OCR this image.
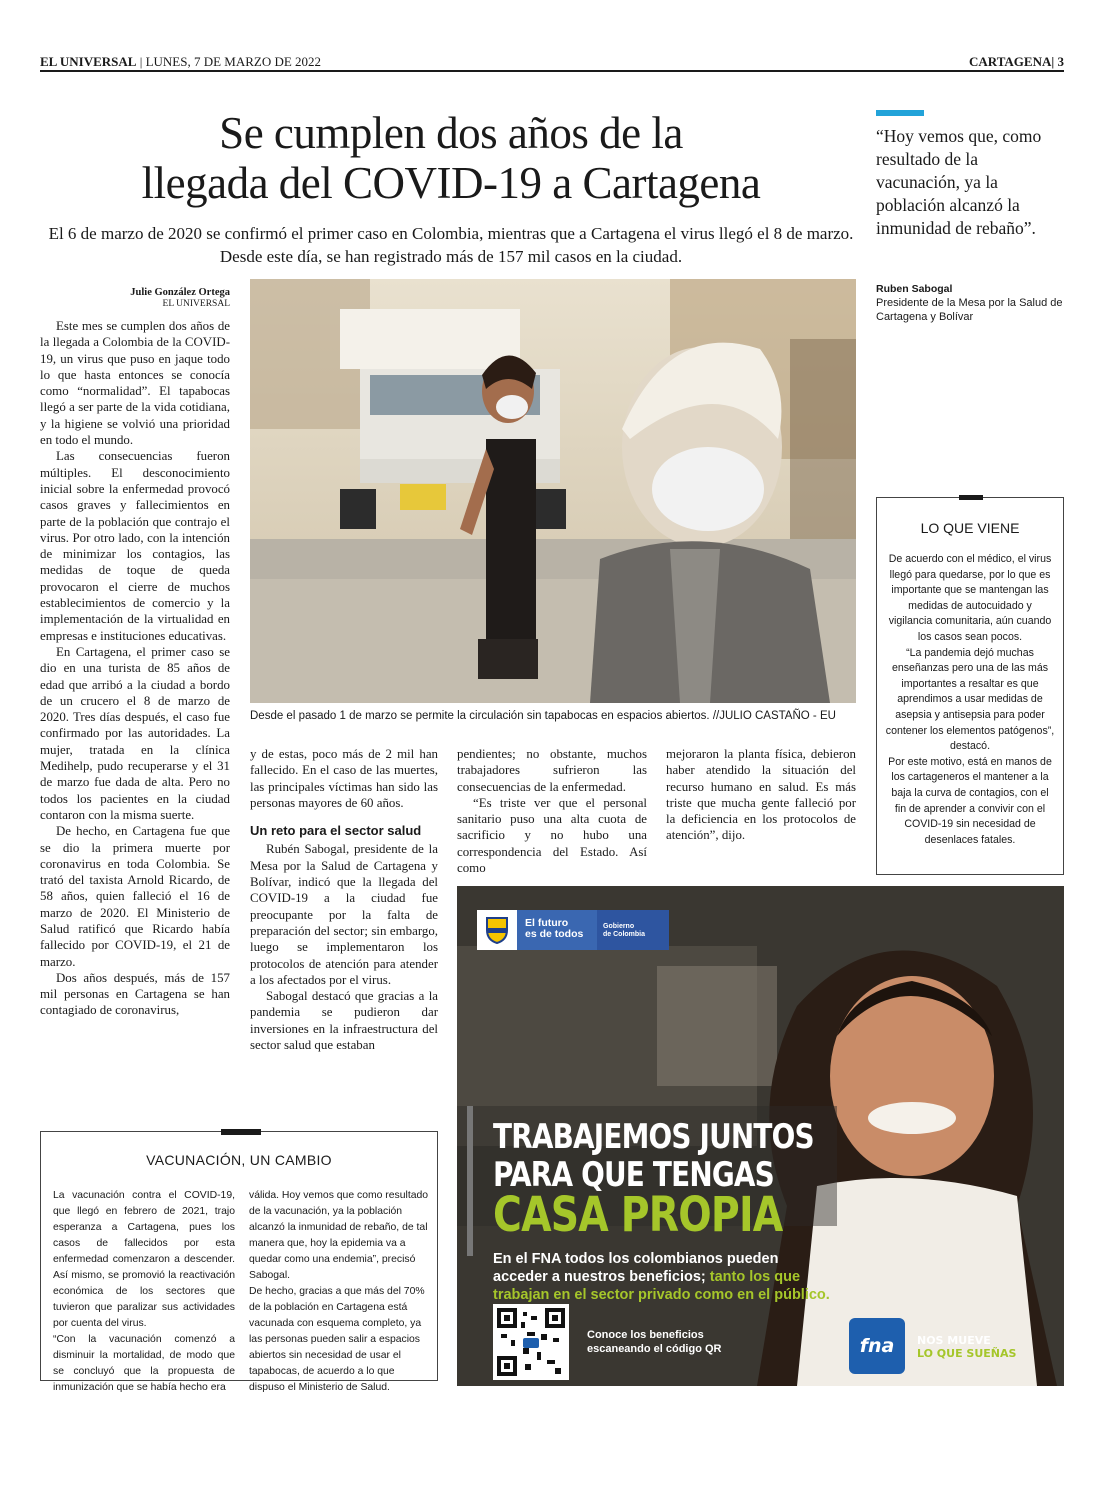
EL UNIVERSAL | LUNES, 7 DE MARZO DE 2022	CARTAGENA| 3
Se cumplen dos años de la
llegada del COVID-19 a Cartagena
El 6 de marzo de 2020 se confirmó el primer caso en Colombia, mientras que a Cartagena el virus llegó el 8 de marzo. Desde este día, se han registrado más de 157 mil casos en la ciudad.
“Hoy vemos que, como resultado de la vacunación, ya la población alcanzó la inmunidad de rebaño”.
Ruben Sabogal
Presidente de la Mesa por la Salud de Cartagena y Bolívar
Julie González Ortega
EL UNIVERSAL

Este mes se cumplen dos años de la llegada a Colombia de la COVID-19, un virus que puso en jaque todo lo que hasta entonces se conocía como “normalidad”. El tapabocas llegó a ser parte de la vida cotidiana, y la higiene se volvió una prioridad en todo el mundo.

Las consecuencias fueron múltiples. El desconocimiento inicial sobre la enfermedad provocó casos graves y fallecimientos en parte de la población que contrajo el virus. Por otro lado, con la intención de minimizar los contagios, las medidas de toque de queda provocaron el cierre de muchos establecimientos de comercio y la implementación de la virtualidad en empresas e instituciones educativas.

En Cartagena, el primer caso se dio en una turista de 85 años de edad que arribó a la ciudad a bordo de un crucero el 8 de marzo de 2020. Tres días después, el caso fue confirmado por las autoridades. La mujer, tratada en la clínica Medihelp, pudo recuperarse y el 31 de marzo fue dada de alta. Pero no todos los pacientes en la ciudad contaron con la misma suerte.

De hecho, en Cartagena fue que se dio la primera muerte por coronavirus en toda Colombia. Se trató del taxista Arnold Ricardo, de 58 años, quien falleció el 16 de marzo de 2020. El Ministerio de Salud ratificó que Ricardo había fallecido por COVID-19, el 21 de marzo.

Dos años después, más de 157 mil personas en Cartagena se han contagiado de coronavirus,

Desde el pasado 1 de marzo se permite la circulación sin tapabocas en espacios abiertos. //JULIO CASTAÑO - EU

y de estas, poco más de 2 mil han fallecido. En el caso de las muertes, las principales víctimas han sido las personas mayores de 60 años.

Un reto para el sector salud

Rubén Sabogal, presidente de la Mesa por la Salud de Cartagena y Bolívar, indicó que la llegada del COVID-19 a la ciudad fue preocupante por la falta de preparación del sector; sin embargo, luego se implementaron los protocolos de atención para atender a los afectados por el virus.

Sabogal destacó que gracias a la pandemia se pudieron dar inversiones en la infraestructura del sector salud que estaban

pendientes; no obstante, muchos trabajadores sufrieron las consecuencias de la enfermedad.

“Es triste ver que el personal sanitario puso una alta cuota de sacrificio y no hubo una correspondencia del Estado. Así como

mejoraron la planta física, debieron haber atendido la situación del recurso humano en salud. Es más triste que mucha gente falleció por la deficiencia en los protocolos de atención”, dijo.

LO QUE VIENE
De acuerdo con el médico, el virus llegó para quedarse, por lo que es importante que se mantengan las medidas de autocuidado y vigilancia comunitaria, aún cuando los casos sean pocos.
“La pandemia dejó muchas enseñanzas pero una de las más importantes a resaltar es que aprendimos a usar medidas de asepsia y antisepsia para poder contener los elementos patógenos”, destacó.
Por este motivo, está en manos de los cartageneros el mantener a la baja la curva de contagios, con el fin de aprender a convivir con el COVID-19 sin necesidad de desenlaces fatales.
VACUNACIÓN, UN CAMBIO
La vacunación contra el COVID-19, que llegó en febrero de 2021, trajo esperanza a Cartagena, pues los casos de fallecidos por esta enfermedad comenzaron a descender. Así mismo, se promovió la reactivación económica de los sectores que tuvieron que paralizar sus actividades por cuenta del virus.
“Con la vacunación comenzó a disminuir la mortalidad, de modo que se concluyó que la propuesta de inmunización que se había hecho era
válida. Hoy vemos que como resultado de la vacunación, ya la población alcanzó la inmunidad de rebaño, de tal manera que, hoy la epidemia va a quedar como una endemia”, precisó Sabogal.
De hecho, gracias a que más del 70% de la población en Cartagena está vacunada con esquema completo, ya las personas pueden salir a espacios abiertos sin necesidad de usar el tapabocas, de acuerdo a lo que dispuso el Ministerio de Salud.
El futuro
es de todos
Gobierno
de Colombia
TRABAJEMOS JUNTOS
PARA QUE TENGAS
CASA PROPIA
En el FNA todos los colombianos pueden acceder a nuestros beneficios; tanto los que trabajan en el sector privado como en el público.
Conoce los beneficios
escaneando el código QR	fna	NOS MUEVE
LO QUE SUEÑAS
